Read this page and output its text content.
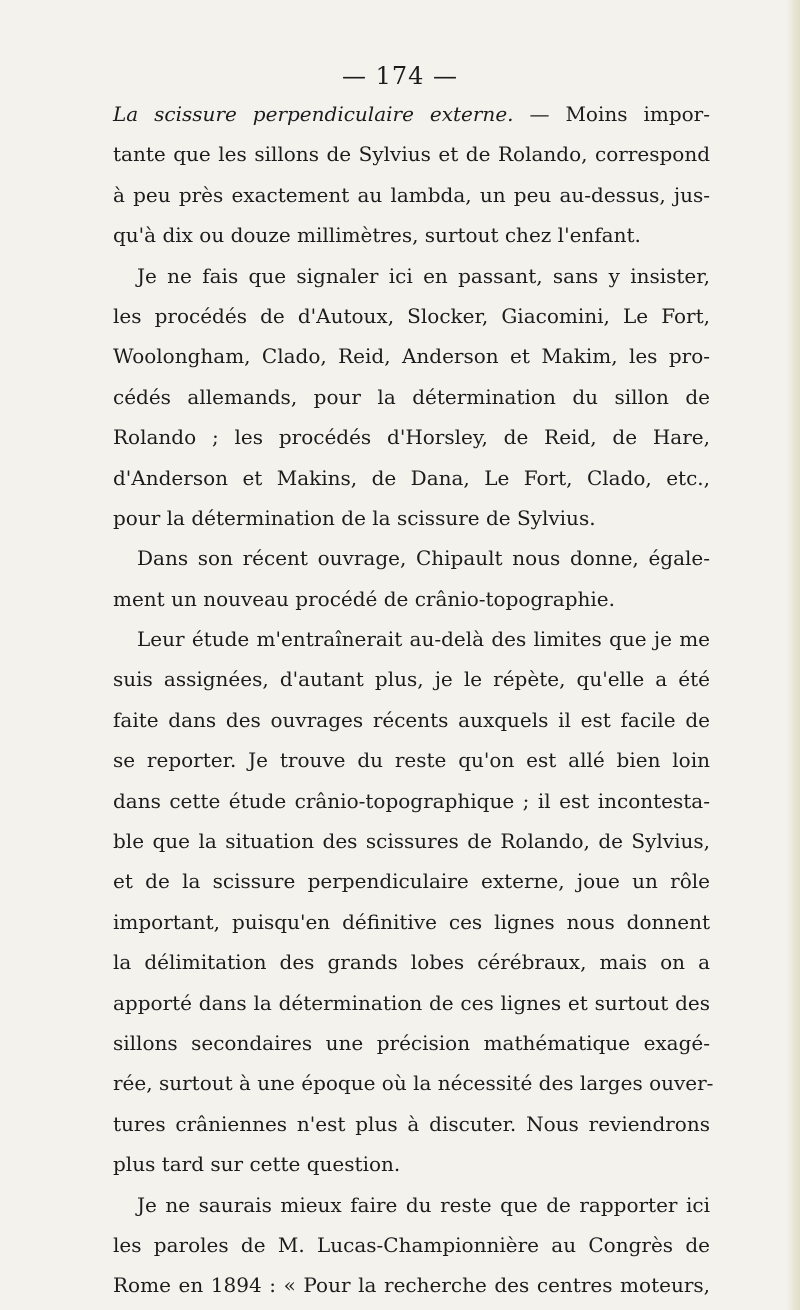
— 174 —
La scissure perpendiculaire externe. — Moins impor-
tante que les sillons de Sylvius et de Rolando, correspond
à peu près exactement au lambda, un peu au-dessus, jus-
qu'à dix ou douze millimètres, surtout chez l'enfant.
Je ne fais que signaler ici en passant, sans y insister,
les procédés de d'Autoux, Slocker, Giacomini, Le Fort,
Woolongham, Clado, Reid, Anderson et Makim, les pro-
cédés allemands, pour la détermination du sillon de
Rolando ; les procédés d'Horsley, de Reid, de Hare,
d'Anderson et Makins, de Dana, Le Fort, Clado, etc.,
pour la détermination de la scissure de Sylvius.
Dans son récent ouvrage, Chipault nous donne, égale-
ment un nouveau procédé de crânio-topographie.
Leur étude m'entraînerait au-delà des limites que je me
suis assignées, d'autant plus, je le répète, qu'elle a été
faite dans des ouvrages récents auxquels il est facile de
se reporter. Je trouve du reste qu'on est allé bien loin
dans cette étude crânio-topographique ; il est incontesta-
ble que la situation des scissures de Rolando, de Sylvius,
et de la scissure perpendiculaire externe, joue un rôle
important, puisqu'en définitive ces lignes nous donnent
la délimitation des grands lobes cérébraux, mais on a
apporté dans la détermination de ces lignes et surtout des
sillons secondaires une précision mathématique exagé-
rée, surtout à une époque où la nécessité des larges ouver-
tures crâniennes n'est plus à discuter. Nous reviendrons
plus tard sur cette question.
Je ne saurais mieux faire du reste que de rapporter ici
les paroles de M. Lucas-Championnière au Congrès de
Rome en 1894 : « Pour la recherche des centres moteurs,
